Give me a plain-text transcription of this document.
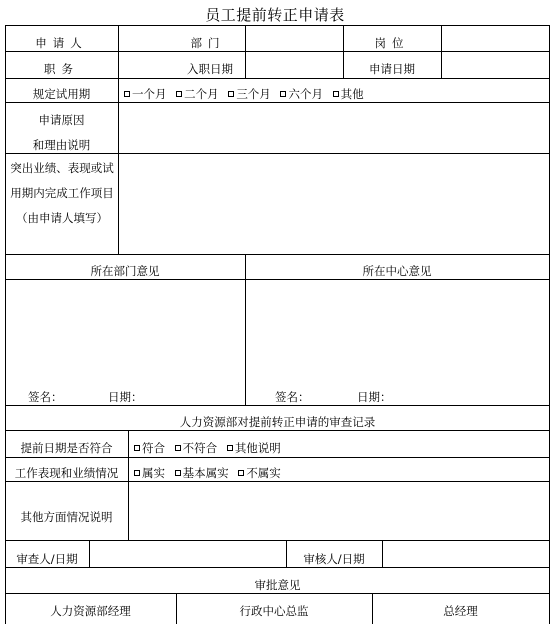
员工提前转正申请表
申请人	部门	岗位
职务	入职日期	申请日期
规定试用期	一个月 二个月 三个月 六个月 其他
申请原因
和理由说明
突出业绩、表现或试用期内完成工作项目（由申请人填写）
所在部门意见	所在中心意见
签名：	日期：	签名：	日期：
人力资源部对提前转正申请的审查记录
提前日期是否符合	符合 不符合 其他说明
工作表现和业绩情况	属实 基本属实 不属实
其他方面情况说明
审查人/日期	审核人/日期
审批意见
人力资源部经理	行政中心总监	总经理
